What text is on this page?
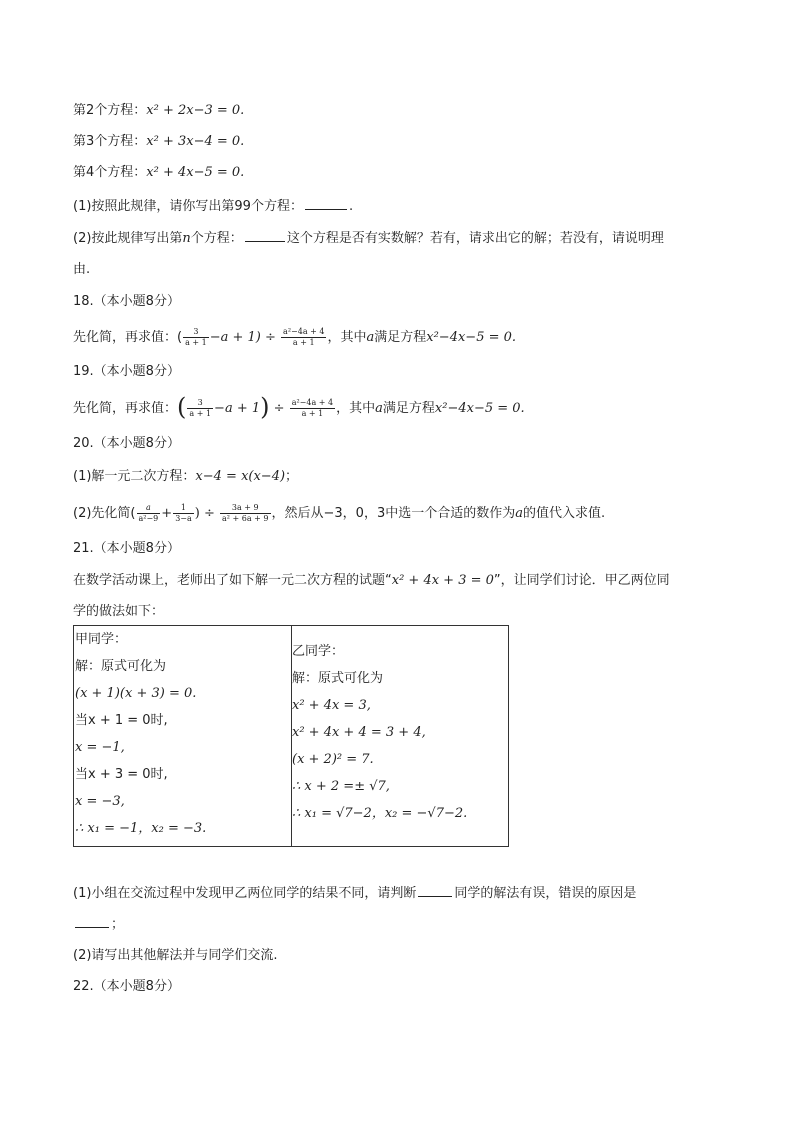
第2个方程：x² + 2x−3 = 0.
第3个方程：x² + 3x−4 = 0.
第4个方程：x² + 4x−5 = 0.
(1)按照此规律，请你写出第99个方程：	.
(2)按此规律写出第n个方程：	这个方程是否有实数解？若有，请求出它的解；若没有，请说明理
由.
18.（本小题8分）
先化简，再求值：( $\frac{3}{a + 1} -a + 1) \div \frac{\text{a²−4a + 4}}{a + 1}$ ，其中a满足方程x²−4x−5 = 0.
19.（本小题8分）
先化简，再求值：( $\frac{3}{a + 1} -a + 1) \div \frac{\text{a²−4a + 4}}{a + 1}$ ，其中a满足方程x²−4x−5 = 0.
20.（本小题8分）
(1)解一元二次方程：x−4 = x(x−4)；
(2)先化简( $\frac{a}{\text{a²−9}} + \frac{1}{3-a}$ ) ÷ $\frac{3a + 9}{\text{a² + 6a + 9}}$ ，然后从−3，0，3中选一个合适的数作为a的值代入求值.
21.（本小题8分）
在数学活动课上，老师出了如下解一元二次方程的试题“x² + 4x + 3 = 0”，让同学们讨论．甲乙两位同
学的做法如下：
甲同学：
解：原式可化为
(x + 1)(x + 3) = 0.
当x + 1 = 0时,
x = −1,
当x + 3 = 0时,
x = −3,
∴ x₁ = −1，x₂ = −3.
乙同学：
解：原式可化为
x² + 4x = 3,
x² + 4x + 4 = 3 + 4,
(x + 2)² = 7.
∴ x + 2 =± √7,
∴ x₁ = √7−2，x₂ = −√7−2.
(1)小组在交流过程中发现甲乙两位同学的结果不同，请判断	同学的解法有误，错误的原因是
；
(2)请写出其他解法并与同学们交流.
22.（本小题8分）
